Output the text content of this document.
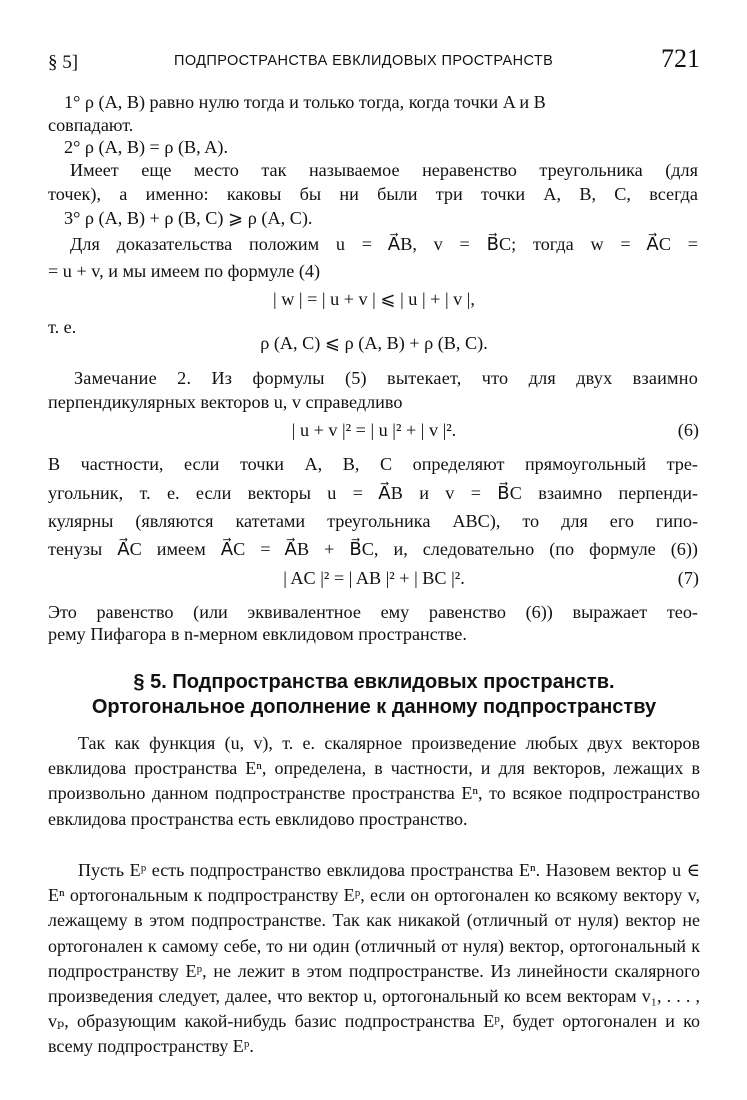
§ 5]	ПОДПРОСТРАНСТВА ЕВКЛИДОВЫХ ПРОСТРАНСТВ	721
1° ρ (A, B) равно нулю тогда и только тогда, когда точки A и B
совпадают.
2° ρ (A, B) = ρ (B, A).
Имеет еще место так называемое неравенство треугольника (для
точек), а именно: каковы бы ни были три точки A, B, C, всегда
3° ρ (A, B) + ρ (B, C) ⩾ ρ (A, C).
Для доказательства положим u = A⃗B, v = B⃗C; тогда w = A⃗C =
= u + v, и мы имеем по формуле (4)
| w | = | u + v | ⩽ | u | + | v |,
т. е.
ρ (A, C) ⩽ ρ (A, B) + ρ (B, C).
Замечание 2. Из формулы (5) вытекает, что для двух взаимно
перпендикулярных векторов u, v справедливо
| u + v |² = | u |² + | v |².	(6)
В частности, если точки A, B, C определяют прямоугольный тре-
угольник, т. е. если векторы u = A⃗B и v = B⃗C взаимно перпенди-
кулярны (являются катетами треугольника ABC), то для его гипо-
тенузы A⃗C имеем A⃗C = A⃗B + B⃗C, и, следовательно (по формуле (6))
| AC |² = | AB |² + | BC |².	(7)
Это равенство (или эквивалентное ему равенство (6)) выражает тео-
рему Пифагора в n-мерном евклидовом пространстве.
§ 5. Подпространства евклидовых пространств.
Ортогональное дополнение к данному подпространству

Так как функция (u, v), т. е. скалярное произведение любых двух векторов евклидова пространства Eⁿ, определена, в частности, и для векторов, лежащих в произвольно данном подпространстве пространства Eⁿ, то всякое подпространство евклидова пространства есть евклидово пространство.

Пусть Eᵖ есть подпространство евклидова пространства Eⁿ. Назовем вектор u ∈ Eⁿ ортогональным к подпространству Eᵖ, если он ортогонален ко всякому вектору v, лежащему в этом подпространстве. Так как никакой (отличный от нуля) вектор не ортогонален к самому себе, то ни один (отличный от нуля) вектор, ортогональный к подпространству Eᵖ, не лежит в этом подпространстве. Из линейности скалярного произведения следует, далее, что вектор u, ортогональный ко всем векторам v₁, . . . , vₚ, образующим какой-нибудь базис подпространства Eᵖ, будет ортогонален и ко всему подпространству Eᵖ.
